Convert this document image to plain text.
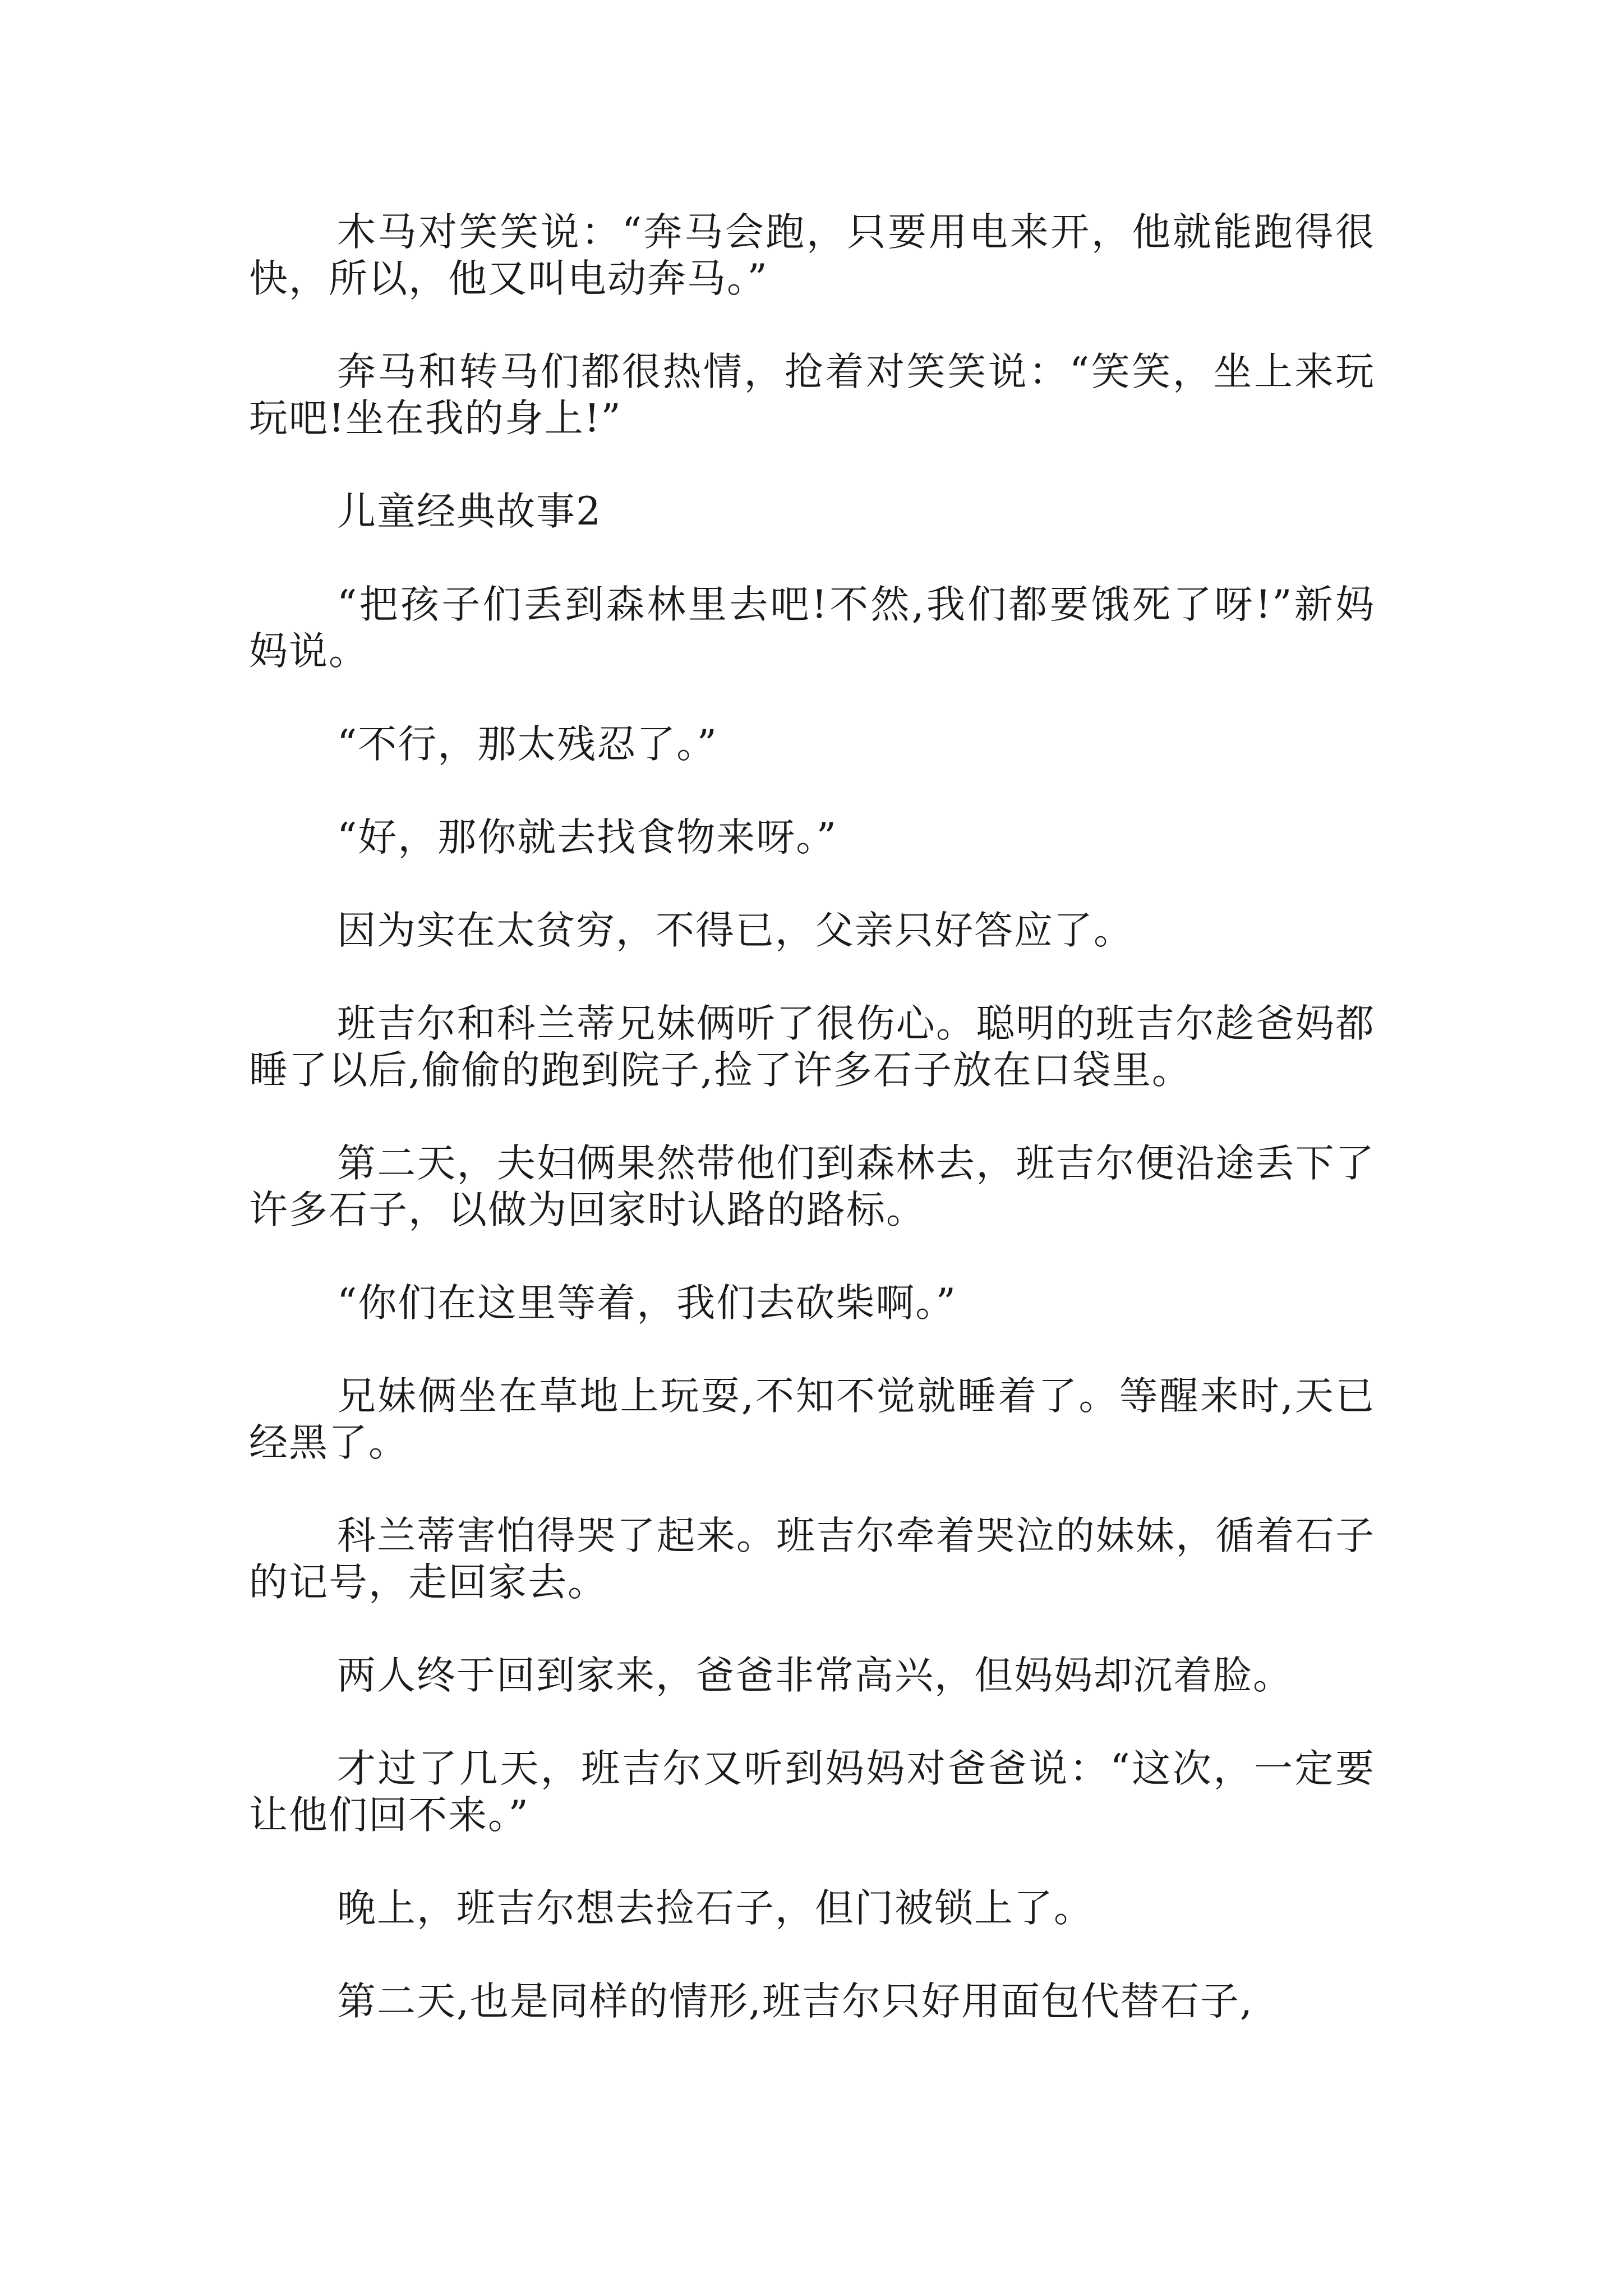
木马对笑笑说：“奔马会跑，只要用电来开，他就能跑得很快，所以，他又叫电动奔马。”

奔马和转马们都很热情，抢着对笑笑说：“笑笑，坐上来玩玩吧!坐在我的身上!”

儿童经典故事2

“把孩子们丢到森林里去吧!不然,我们都要饿死了呀!”新妈妈说。

“不行，那太残忍了。”

“好，那你就去找食物来呀。”

因为实在太贫穷，不得已，父亲只好答应了。

班吉尔和科兰蒂兄妹俩听了很伤心。聪明的班吉尔趁爸妈都睡了以后,偷偷的跑到院子,捡了许多石子放在口袋里。

第二天，夫妇俩果然带他们到森林去，班吉尔便沿途丢下了许多石子，以做为回家时认路的路标。

“你们在这里等着，我们去砍柴啊。”

兄妹俩坐在草地上玩耍,不知不觉就睡着了。等醒来时,天已经黑了。

科兰蒂害怕得哭了起来。班吉尔牵着哭泣的妹妹，循着石子的记号，走回家去。

两人终于回到家来，爸爸非常高兴，但妈妈却沉着脸。

才过了几天，班吉尔又听到妈妈对爸爸说：“这次，一定要让他们回不来。”

晚上，班吉尔想去捡石子，但门被锁上了。

第二天,也是同样的情形,班吉尔只好用面包代替石子,
